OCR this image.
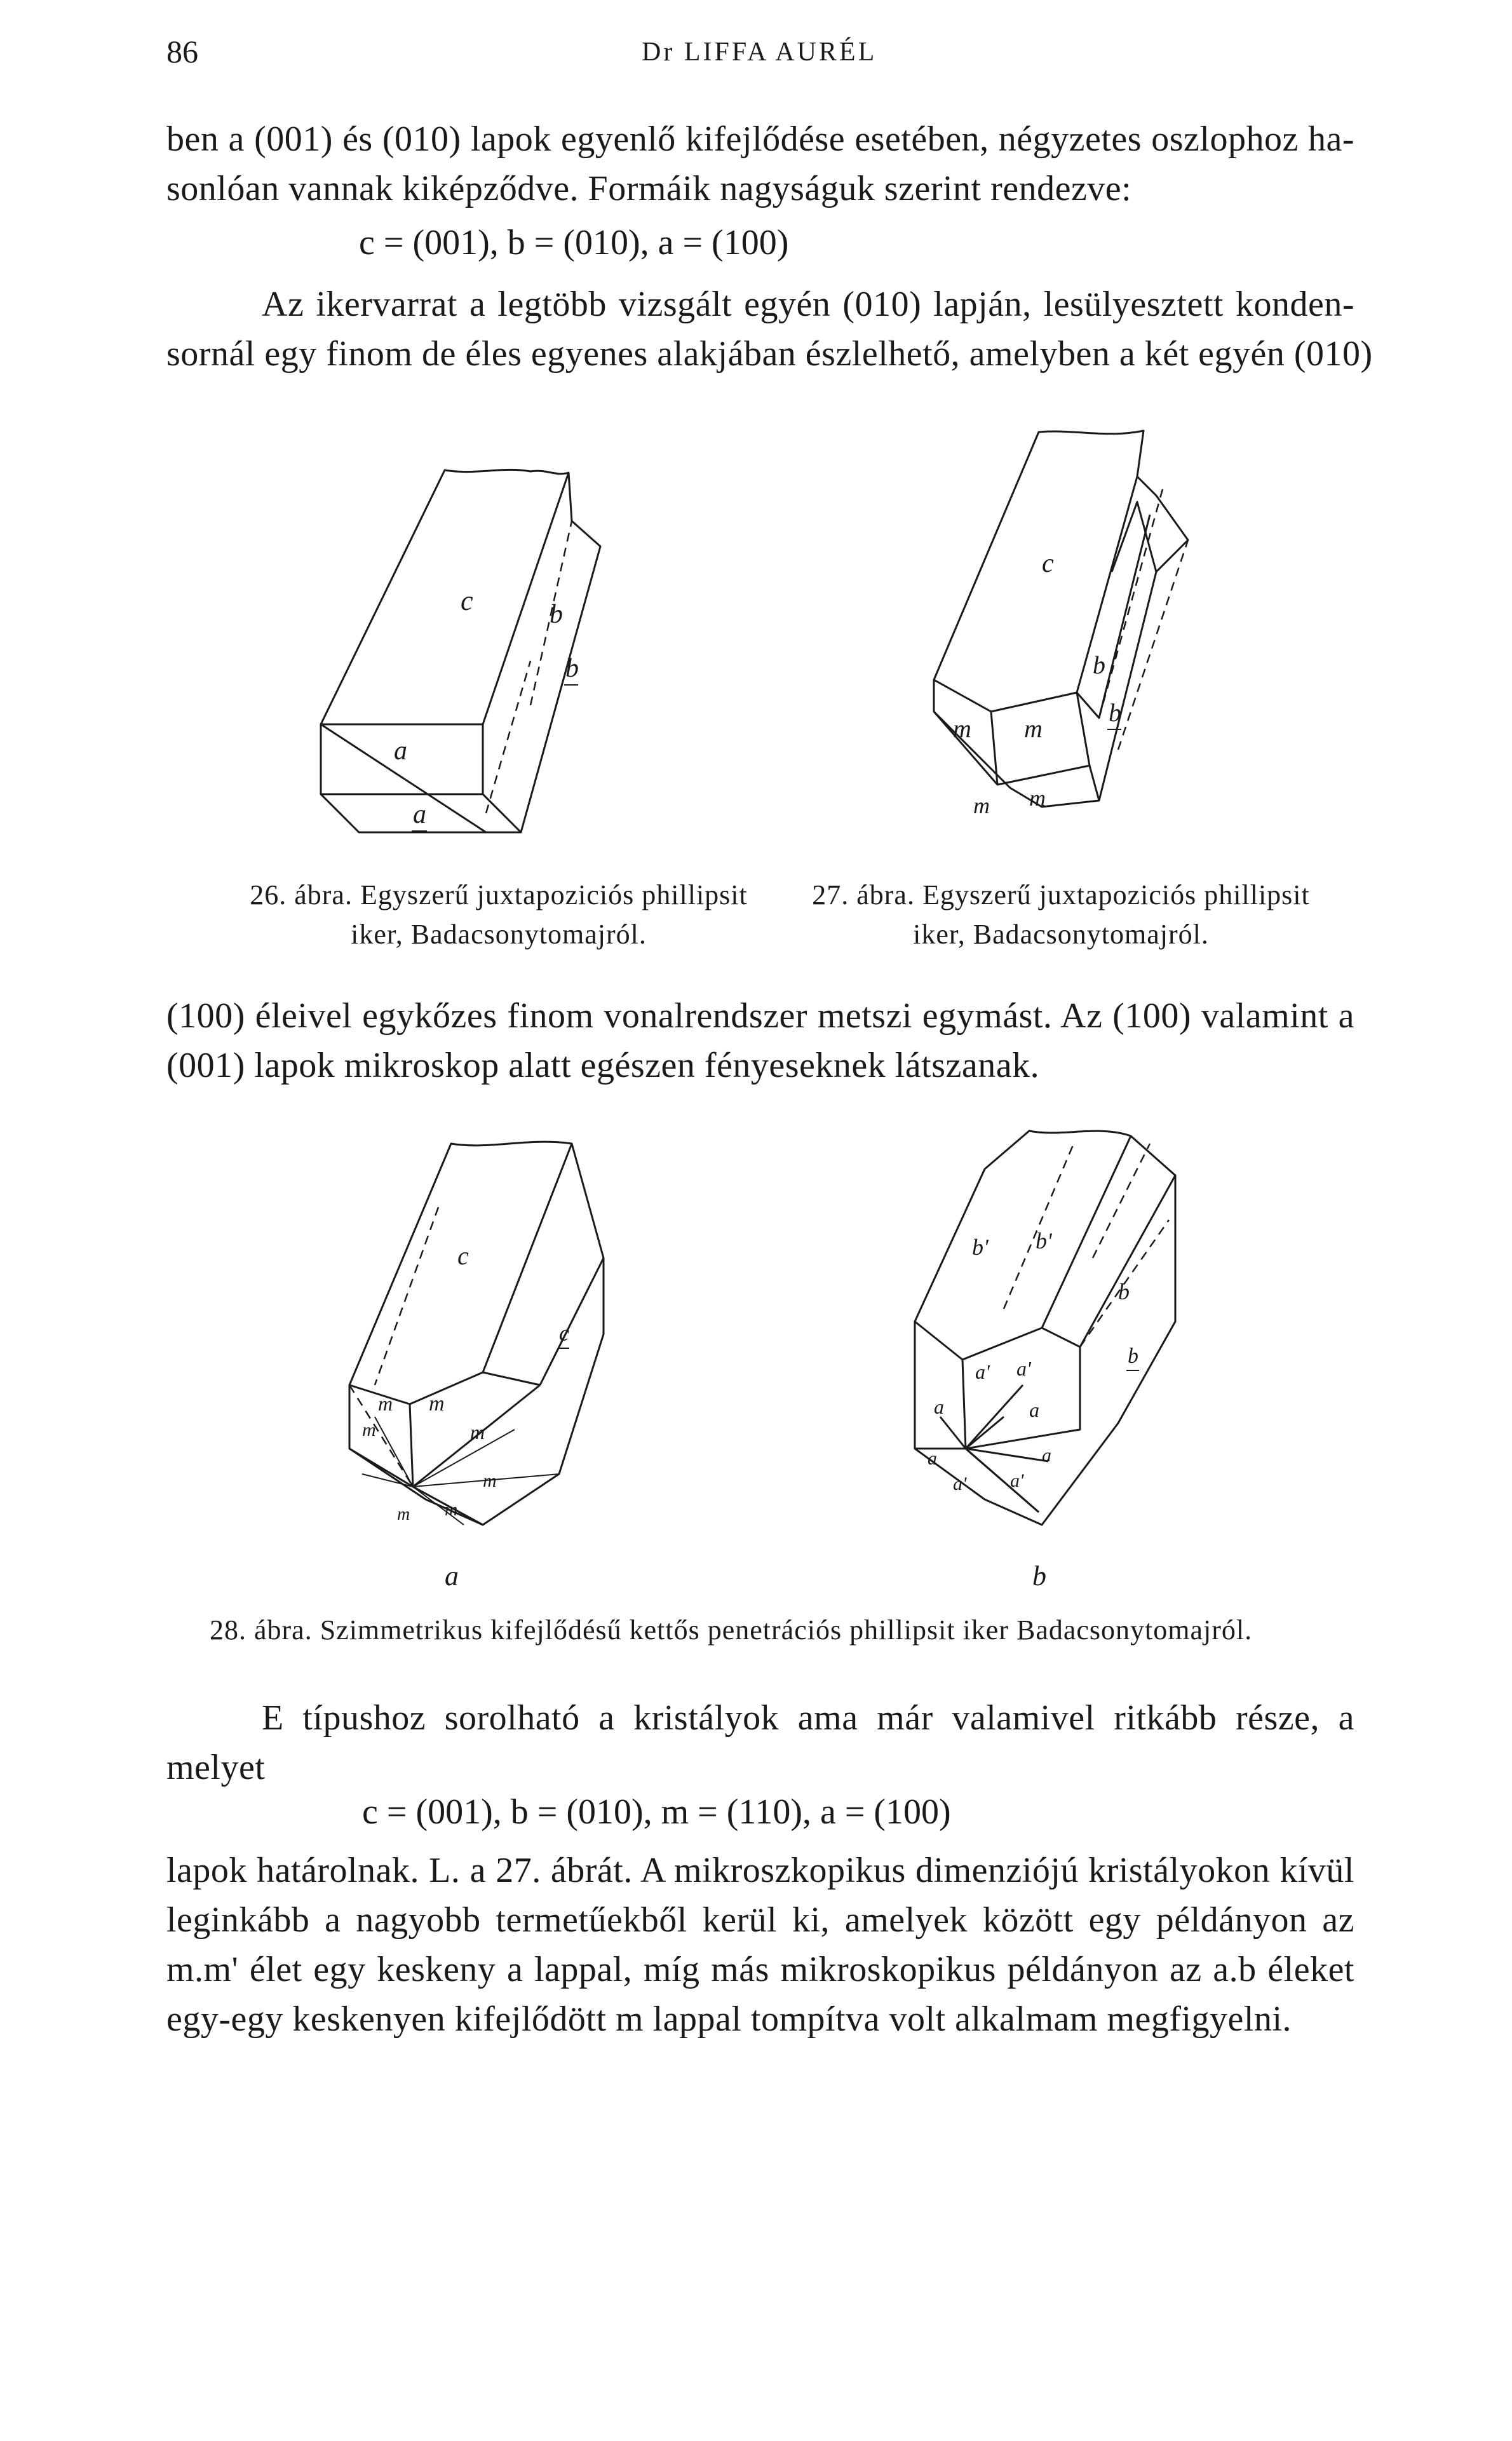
86	Dr LIFFA AURÉL
ben a (001) és (010) lapok egyenlő kifejlődése esetében, négyzetes oszlophoz ha-
sonlóan vannak kiképződve. Formáik nagyságuk szerint rendezve:
c = (001), b = (010), a = (100)
Az ikervarrat a legtöbb vizsgált egyén (010) lapján, lesülyesztett konden-
sornál egy finom de éles egyenes alakjában észlelhető, amelyben a két egyén (010)
c	b
b
a
a
c
b
b
m m
m m
26. ábra. Egyszerű juxtapoziciós phillipsit
iker, Badacsonytomajról.
27. ábra. Egyszerű juxtapoziciós phillipsit
iker, Badacsonytomajról.
(100) éleivel egykőzes finom vonalrendszer metszi egymást. Az (100) valamint a
(001) lapok mikroskop alatt egészen fényeseknek látszanak.
c
c
m
m
m
m
m
m m
b' b'
b
b
a' a'
a	a
a	a
a' a'
a	b
28. ábra. Szimmetrikus kifejlődésű kettős penetrációs phillipsit iker Badacsonytomajról.
E típushoz sorolható a kristályok ama már valamivel ritkább része, a
melyet
c = (001), b = (010), m = (110), a = (100)
lapok határolnak. L. a 27. ábrát. A mikroszkopikus dimenziójú kristályokon kívül
leginkább a nagyobb termetűekből kerül ki, amelyek között egy példányon az
m.m' élet egy keskeny a lappal, míg más mikroskopikus példányon az a.b éleket
egy-egy keskenyen kifejlődött m lappal tompítva volt alkalmam megfigyelni.
